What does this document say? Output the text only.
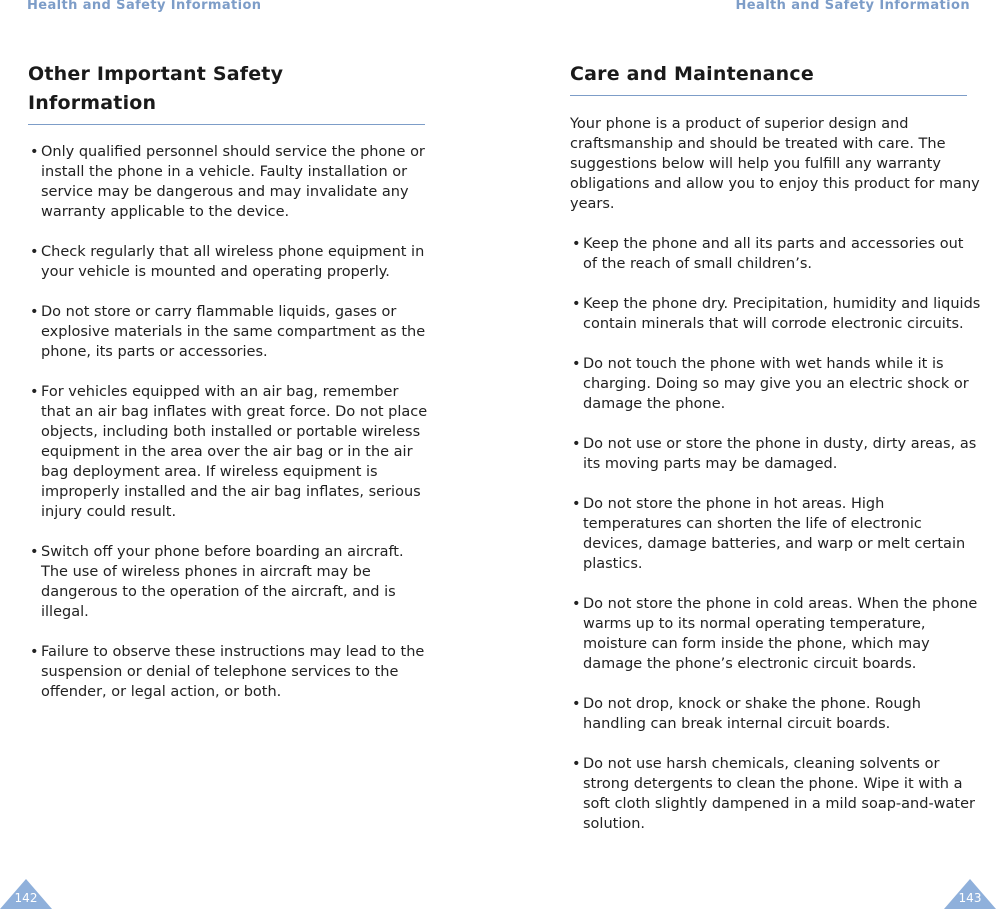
Health and Safety Information
Other Important Safety Information
• Only qualified personnel should service the phone or install the phone in a vehicle. Faulty installation or service may be dangerous and may invalidate any warranty applicable to the device.
• Check regularly that all wireless phone equipment in your vehicle is mounted and operating properly.
• Do not store or carry flammable liquids, gases or explosive materials in the same compartment as the phone, its parts or accessories.
• For vehicles equipped with an air bag, remember that an air bag inflates with great force. Do not place objects, including both installed or portable wireless equipment in the area over the air bag or in the air bag deployment area. If wireless equipment is improperly installed and the air bag inflates, serious injury could result.
• Switch off your phone before boarding an aircraft. The use of wireless phones in aircraft may be dangerous to the operation of the aircraft, and is illegal.
• Failure to observe these instructions may lead to the suspension or denial of telephone services to the offender, or legal action, or both.
142
Health and Safety Information
Care and Maintenance

Your phone is a product of superior design and craftsmanship and should be treated with care. The suggestions below will help you fulfill any warranty obligations and allow you to enjoy this product for many years.

• Keep the phone and all its parts and accessories out of the reach of small children’s.
• Keep the phone dry. Precipitation, humidity and liquids contain minerals that will corrode electronic circuits.
• Do not touch the phone with wet hands while it is charging. Doing so may give you an electric shock or damage the phone.
• Do not use or store the phone in dusty, dirty areas, as its moving parts may be damaged.
• Do not store the phone in hot areas. High temperatures can shorten the life of electronic devices, damage batteries, and warp or melt certain plastics.
• Do not store the phone in cold areas. When the phone warms up to its normal operating temperature, moisture can form inside the phone, which may damage the phone’s electronic circuit boards.
• Do not drop, knock or shake the phone. Rough handling can break internal circuit boards.
• Do not use harsh chemicals, cleaning solvents or strong detergents to clean the phone. Wipe it with a soft cloth slightly dampened in a mild soap-and-water solution.
143
